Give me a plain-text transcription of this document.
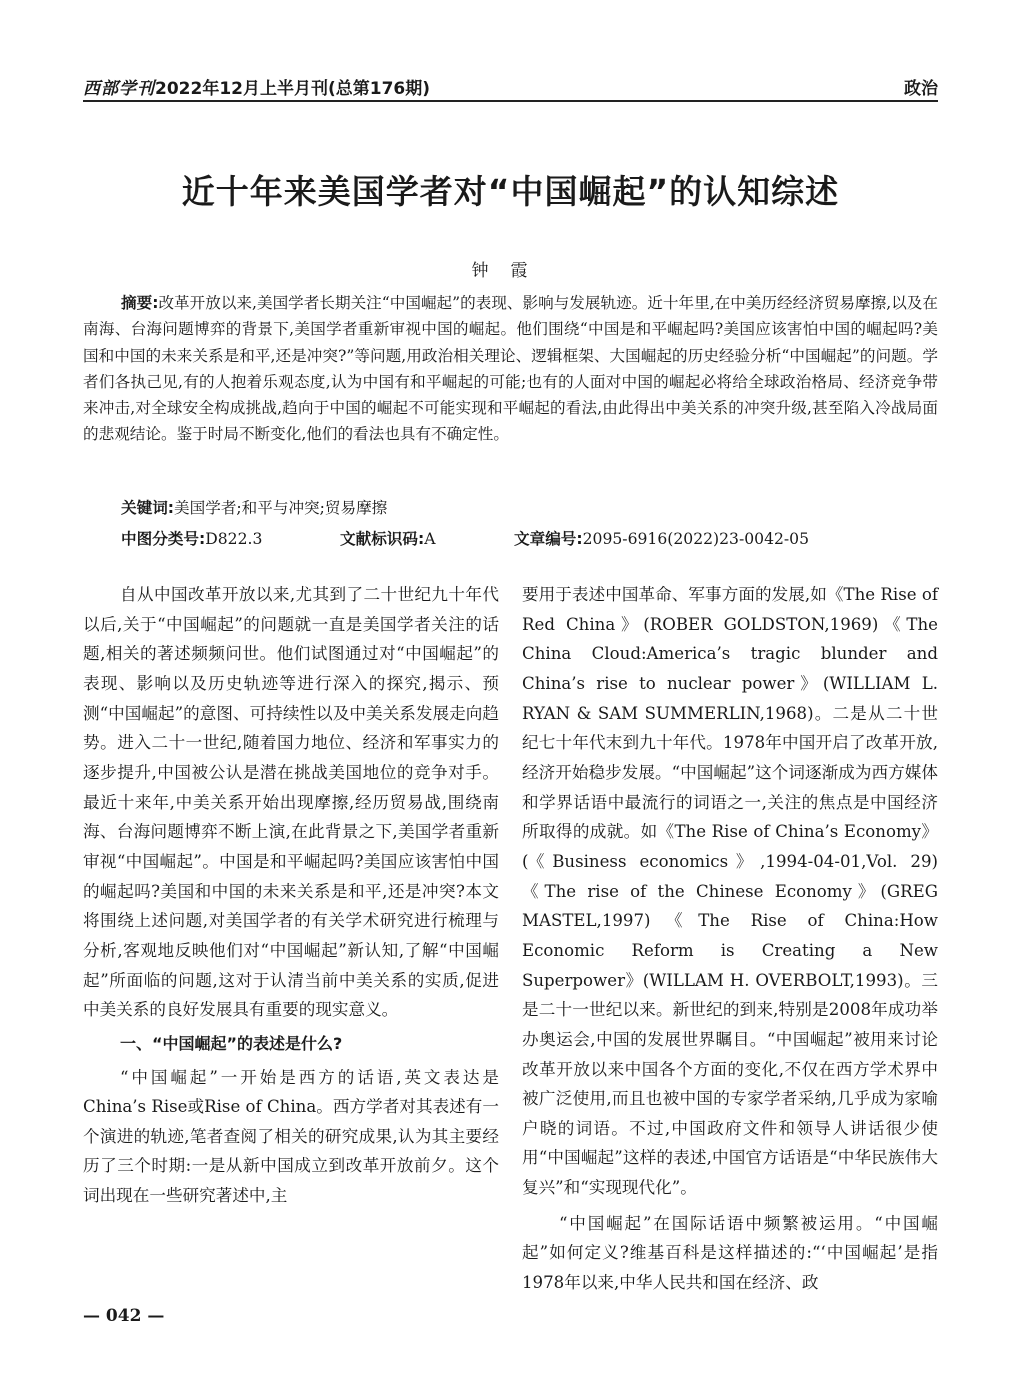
西部学刊2022年12月上半月刊(总第176期)	政治
近十年来美国学者对“中国崛起”的认知综述
钟霞

摘要:改革开放以来,美国学者长期关注“中国崛起”的表现、影响与发展轨迹。近十年里,在中美历经经济贸易摩擦,以及在南海、台海问题博弈的背景下,美国学者重新审视中国的崛起。他们围绕“中国是和平崛起吗?美国应该害怕中国的崛起吗?美国和中国的未来关系是和平,还是冲突?”等问题,用政治相关理论、逻辑框架、大国崛起的历史经验分析“中国崛起”的问题。学者们各执己见,有的人抱着乐观态度,认为中国有和平崛起的可能;也有的人面对中国的崛起必将给全球政治格局、经济竞争带来冲击,对全球安全构成挑战,趋向于中国的崛起不可能实现和平崛起的看法,由此得出中美关系的冲突升级,甚至陷入冷战局面的悲观结论。鉴于时局不断变化,他们的看法也具有不确定性。

关键词:美国学者;和平与冲突;贸易摩擦
中图分类号:D822.3	文献标识码:A	文章编号:2095-6916(2022)23-0042-05

自从中国改革开放以来,尤其到了二十世纪九十年代以后,关于“中国崛起”的问题就一直是美国学者关注的话题,相关的著述频频问世。他们试图通过对“中国崛起”的表现、影响以及历史轨迹等进行深入的探究,揭示、预测“中国崛起”的意图、可持续性以及中美关系发展走向趋势。进入二十一世纪,随着国力地位、经济和军事实力的逐步提升,中国被公认是潜在挑战美国地位的竞争对手。最近十来年,中美关系开始出现摩擦,经历贸易战,围绕南海、台海问题博弈不断上演,在此背景之下,美国学者重新审视“中国崛起”。中国是和平崛起吗?美国应该害怕中国的崛起吗?美国和中国的未来关系是和平,还是冲突?本文将围绕上述问题,对美国学者的有关学术研究进行梳理与分析,客观地反映他们对“中国崛起”新认知,了解“中国崛起”所面临的问题,这对于认清当前中美关系的实质,促进中美关系的良好发展具有重要的现实意义。

一、“中国崛起”的表述是什么?

“中国崛起”一开始是西方的话语,英文表达是China’s Rise或Rise of China。西方学者对其表述有一个演进的轨迹,笔者查阅了相关的研究成果,认为其主要经历了三个时期:一是从新中国成立到改革开放前夕。这个词出现在一些研究著述中,主

要用于表述中国革命、军事方面的发展,如《The Rise of Red China》(ROBER GOLDSTON,1969)《The China Cloud:America’s tragic blunder and China’s rise to nuclear power》(WILLIAM L. RYAN & SAM SUMMERLIN,1968)。二是从二十世纪七十年代末到九十年代。1978年中国开启了改革开放,经济开始稳步发展。“中国崛起”这个词逐渐成为西方媒体和学界话语中最流行的词语之一,关注的焦点是中国经济所取得的成就。如《The Rise of China’s Economy》(《Business economics》,1994-04-01,Vol. 29)《The rise of the Chinese Economy》(GREG MASTEL,1997)《The Rise of China:How Economic Reform is Creating a New Superpower》(WILLAM H. OVERBOLT,1993)。三是二十一世纪以来。新世纪的到来,特别是2008年成功举办奥运会,中国的发展世界瞩目。“中国崛起”被用来讨论改革开放以来中国各个方面的变化,不仅在西方学术界中被广泛使用,而且也被中国的专家学者采纳,几乎成为家喻户晓的词语。不过,中国政府文件和领导人讲话很少使用“中国崛起”这样的表述,中国官方话语是“中华民族伟大复兴”和“实现现代化”。

“中国崛起”在国际话语中频繁被运用。“中国崛起”如何定义?维基百科是这样描述的:“‘中国崛起’是指1978年以来,中华人民共和国在经济、政

— 042 —
